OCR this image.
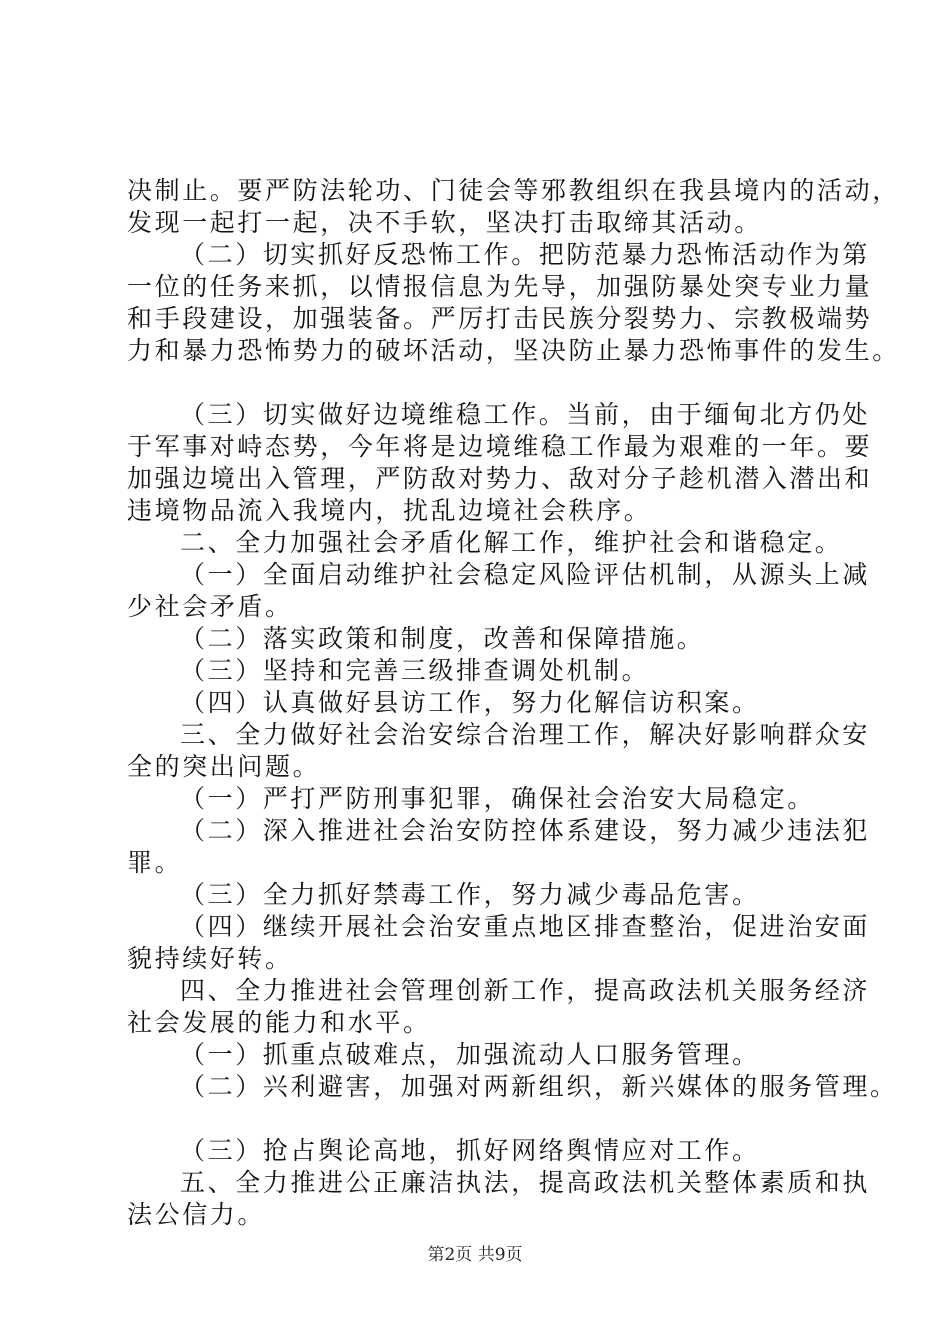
决制止。要严防法轮功、门徒会等邪教组织在我县境内的活动，
发现一起打一起，决不手软，坚决打击取缔其活动。
（二）切实抓好反恐怖工作。把防范暴力恐怖活动作为第
一位的任务来抓，以情报信息为先导，加强防暴处突专业力量
和手段建设，加强装备。严厉打击民族分裂势力、宗教极端势
力和暴力恐怖势力的破坏活动，坚决防止暴力恐怖事件的发生。
（三）切实做好边境维稳工作。当前，由于缅甸北方仍处
于军事对峙态势，今年将是边境维稳工作最为艰难的一年。要
加强边境出入管理，严防敌对势力、敌对分子趁机潜入潜出和
违境物品流入我境内，扰乱边境社会秩序。
二、全力加强社会矛盾化解工作，维护社会和谐稳定。
（一）全面启动维护社会稳定风险评估机制，从源头上减
少社会矛盾。
（二）落实政策和制度，改善和保障措施。
（三）坚持和完善三级排查调处机制。
（四）认真做好县访工作，努力化解信访积案。
三、全力做好社会治安综合治理工作，解决好影响群众安
全的突出问题。
（一）严打严防刑事犯罪，确保社会治安大局稳定。
（二）深入推进社会治安防控体系建设，努力减少违法犯
罪。
（三）全力抓好禁毒工作，努力减少毒品危害。
（四）继续开展社会治安重点地区排查整治，促进治安面
貌持续好转。
四、全力推进社会管理创新工作，提高政法机关服务经济
社会发展的能力和水平。
（一）抓重点破难点，加强流动人口服务管理。
（二）兴利避害，加强对两新组织，新兴媒体的服务管理。
（三）抢占舆论高地，抓好网络舆情应对工作。
五、全力推进公正廉洁执法，提高政法机关整体素质和执
法公信力。
第2页 共9页
